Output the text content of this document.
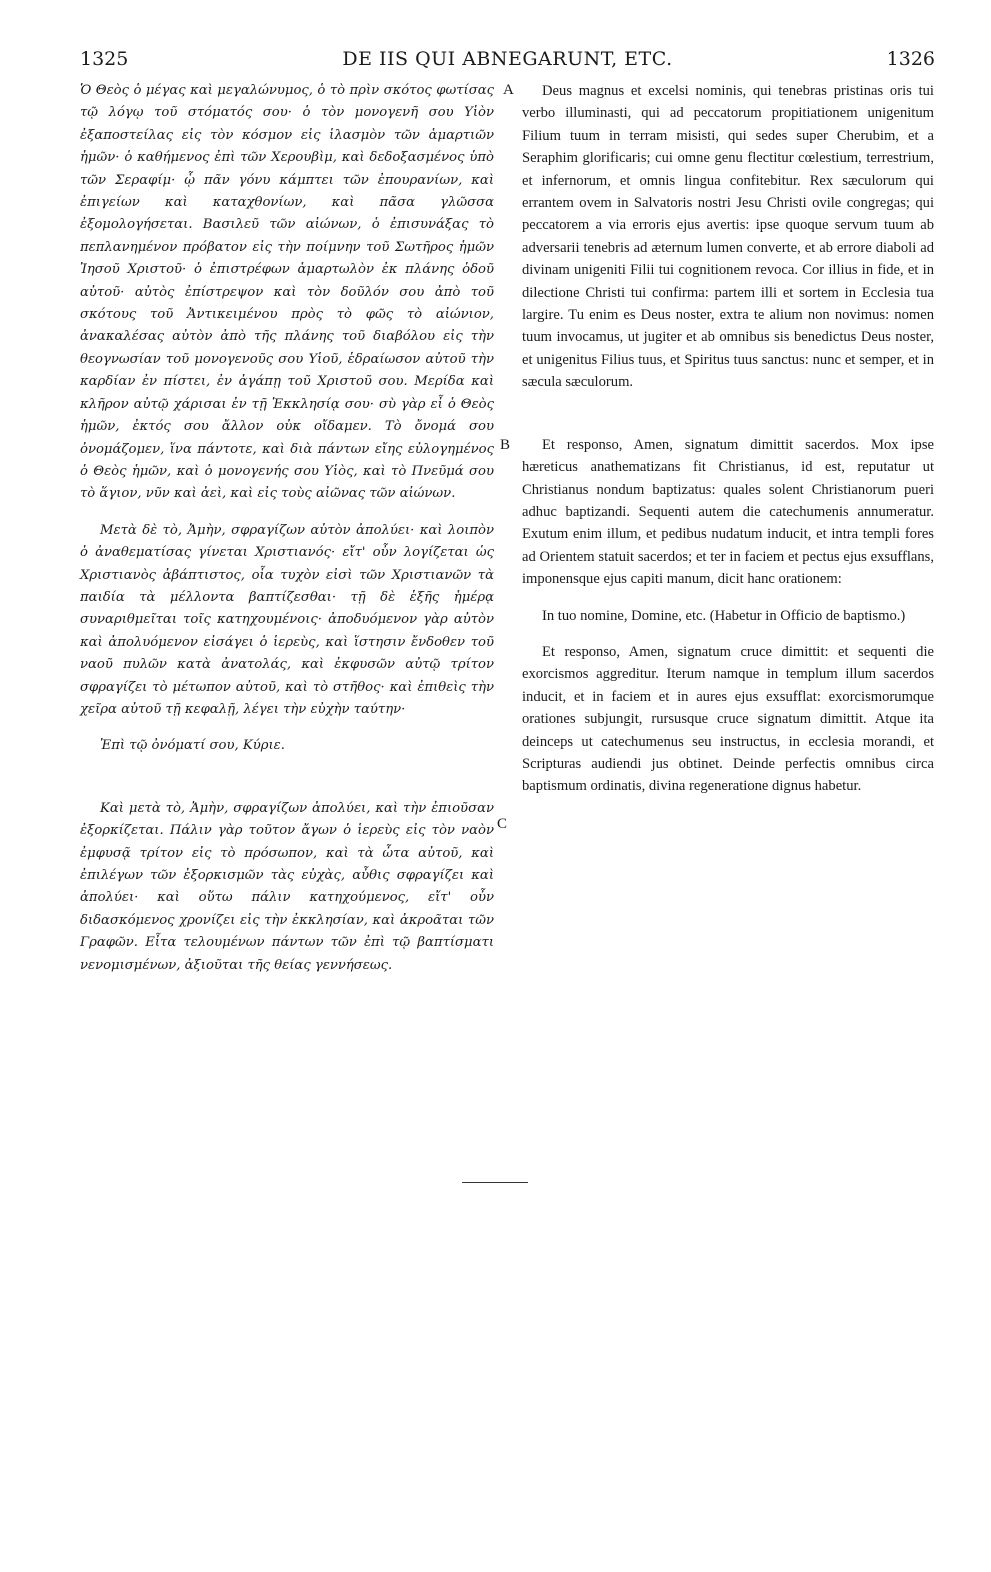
1325	DE IIS QUI ABNEGARUNT, ETC.	1326
A
B
C

Ὁ Θεὸς ὁ μέγας καὶ μεγαλώνυμος, ὁ τὸ πρὶν σκότος φωτίσας τῷ λόγῳ τοῦ στόματός σου· ὁ τὸν μονογενῆ σου Υἱὸν ἐξαποστείλας εἰς τὸν κόσμον εἰς ἱλασμὸν τῶν ἁμαρτιῶν ἡμῶν· ὁ καθήμενος ἐπὶ τῶν Χερουβὶμ, καὶ δεδοξασμένος ὑπὸ τῶν Σεραφίμ· ᾧ πᾶν γόνυ κάμπτει τῶν ἐπουρανίων, καὶ ἐπιγείων καὶ καταχθονίων, καὶ πᾶσα γλῶσσα ἐξομολογήσεται. Βασιλεῦ τῶν αἰώνων, ὁ ἐπισυνάξας τὸ πεπλανημένον πρόβατον εἰς τὴν ποίμνην τοῦ Σωτῆρος ἡμῶν Ἰησοῦ Χριστοῦ· ὁ ἐπιστρέφων ἁμαρτωλὸν ἐκ πλάνης ὁδοῦ αὐτοῦ· αὐτὸς ἐπίστρεψον καὶ τὸν δοῦλόν σου ἀπὸ τοῦ σκότους τοῦ Ἀντικειμένου πρὸς τὸ φῶς τὸ αἰώνιον, ἀνακαλέσας αὐτὸν ἀπὸ τῆς πλάνης τοῦ διαβόλου εἰς τὴν θεογνωσίαν τοῦ μονογενοῦς σου Υἱοῦ, ἑδραίωσον αὐτοῦ τὴν καρδίαν ἐν πίστει, ἐν ἀγάπῃ τοῦ Χριστοῦ σου. Μερίδα καὶ κλῆρον αὐτῷ χάρισαι ἐν τῇ Ἐκκλησίᾳ σου· σὺ γὰρ εἶ ὁ Θεὸς ἡμῶν, ἐκτός σου ἄλλον οὐκ οἴδαμεν. Τὸ ὄνομά σου ὀνομάζομεν, ἵνα πάντοτε, καὶ διὰ πάντων εἴης εὐλογημένος ὁ Θεὸς ἡμῶν, καὶ ὁ μονογενής σου Υἱὸς, καὶ τὸ Πνεῦμά σου τὸ ἅγιον, νῦν καὶ ἀεὶ, καὶ εἰς τοὺς αἰῶνας τῶν αἰώνων.

Μετὰ δὲ τὸ, Ἀμὴν, σφραγίζων αὐτὸν ἀπολύει· καὶ λοιπὸν ὁ ἀναθεματίσας γίνεται Χριστιανός· εἴτ' οὖν λογίζεται ὡς Χριστιανὸς ἀβάπτιστος, οἷα τυχὸν εἰσὶ τῶν Χριστιανῶν τὰ παιδία τὰ μέλλοντα βαπτίζεσθαι· τῇ δὲ ἑξῆς ἡμέρᾳ συναριθμεῖται τοῖς κατηχουμένοις· ἀποδυόμενον γὰρ αὐτὸν καὶ ἀπολυόμενον εἰσάγει ὁ ἱερεὺς, καὶ ἵστησιν ἔνδοθεν τοῦ ναοῦ πυλῶν κατὰ ἀνατολάς, καὶ ἐκφυσῶν αὐτῷ τρίτον σφραγίζει τὸ μέτωπον αὐτοῦ, καὶ τὸ στῆθος· καὶ ἐπιθεὶς τὴν χεῖρα αὐτοῦ τῇ κεφαλῇ, λέγει τὴν εὐχὴν ταύτην·

Ἐπὶ τῷ ὀνόματί σου, Κύριε.

Καὶ μετὰ τὸ, Ἀμὴν, σφραγίζων ἀπολύει, καὶ τὴν ἐπιοῦσαν ἐξορκίζεται. Πάλιν γὰρ τοῦτον ἄγων ὁ ἱερεὺς εἰς τὸν ναὸν ἐμφυσᾷ τρίτον εἰς τὸ πρόσωπον, καὶ τὰ ὦτα αὐτοῦ, καὶ ἐπιλέγων τῶν ἐξορκισμῶν τὰς εὐχὰς, αὖθις σφραγίζει καὶ ἀπολύει· καὶ οὕτω πάλιν κατηχούμενος, εἴτ' οὖν διδασκόμενος χρονίζει εἰς τὴν ἐκκλησίαν, καὶ ἀκροᾶται τῶν Γραφῶν. Εἶτα τελουμένων πάντων τῶν ἐπὶ τῷ βαπτίσματι νενομισμένων, ἀξιοῦται τῆς θείας γεννήσεως.

Deus magnus et excelsi nominis, qui tenebras pristinas oris tui verbo illuminasti, qui ad peccatorum propitiationem unigenitum Filium tuum in terram misisti, qui sedes super Cherubim, et a Seraphim glorificaris; cui omne genu flectitur cœlestium, terrestrium, et infernorum, et omnis lingua confitebitur. Rex sæculorum qui errantem ovem in Salvatoris nostri Jesu Christi ovile congregas; qui peccatorem a via erroris ejus avertis: ipse quoque servum tuum ab adversarii tenebris ad æternum lumen converte, et ab errore diaboli ad divinam unigeniti Filii tui cognitionem revoca. Cor illius in fide, et in dilectione Christi tui confirma: partem illi et sortem in Ecclesia tua largire. Tu enim es Deus noster, extra te alium non novimus: nomen tuum invocamus, ut jugiter et ab omnibus sis benedictus Deus noster, et unigenitus Filius tuus, et Spiritus tuus sanctus: nunc et semper, et in sæcula sæculorum.

Et responso, Amen, signatum dimittit sacerdos. Mox ipse hæreticus anathematizans fit Christianus, id est, reputatur ut Christianus nondum baptizatus: quales solent Christianorum pueri adhuc baptizandi. Sequenti autem die catechumenis annumeratur. Exutum enim illum, et pedibus nudatum inducit, et intra templi fores ad Orientem statuit sacerdos; et ter in faciem et pectus ejus exsufflans, imponensque ejus capiti manum, dicit hanc orationem:

In tuo nomine, Domine, etc. (Habetur in Officio de baptismo.)

Et responso, Amen, signatum cruce dimittit: et sequenti die exorcismos aggreditur. Iterum namque in templum illum sacerdos inducit, et in faciem et in aures ejus exsufflat: exorcismorumque orationes subjungit, rursusque cruce signatum dimittit. Atque ita deinceps ut catechumenus seu instructus, in ecclesia morandi, et Scripturas audiendi jus obtinet. Deinde perfectis omnibus circa baptismum ordinatis, divina regeneratione dignus habetur.
